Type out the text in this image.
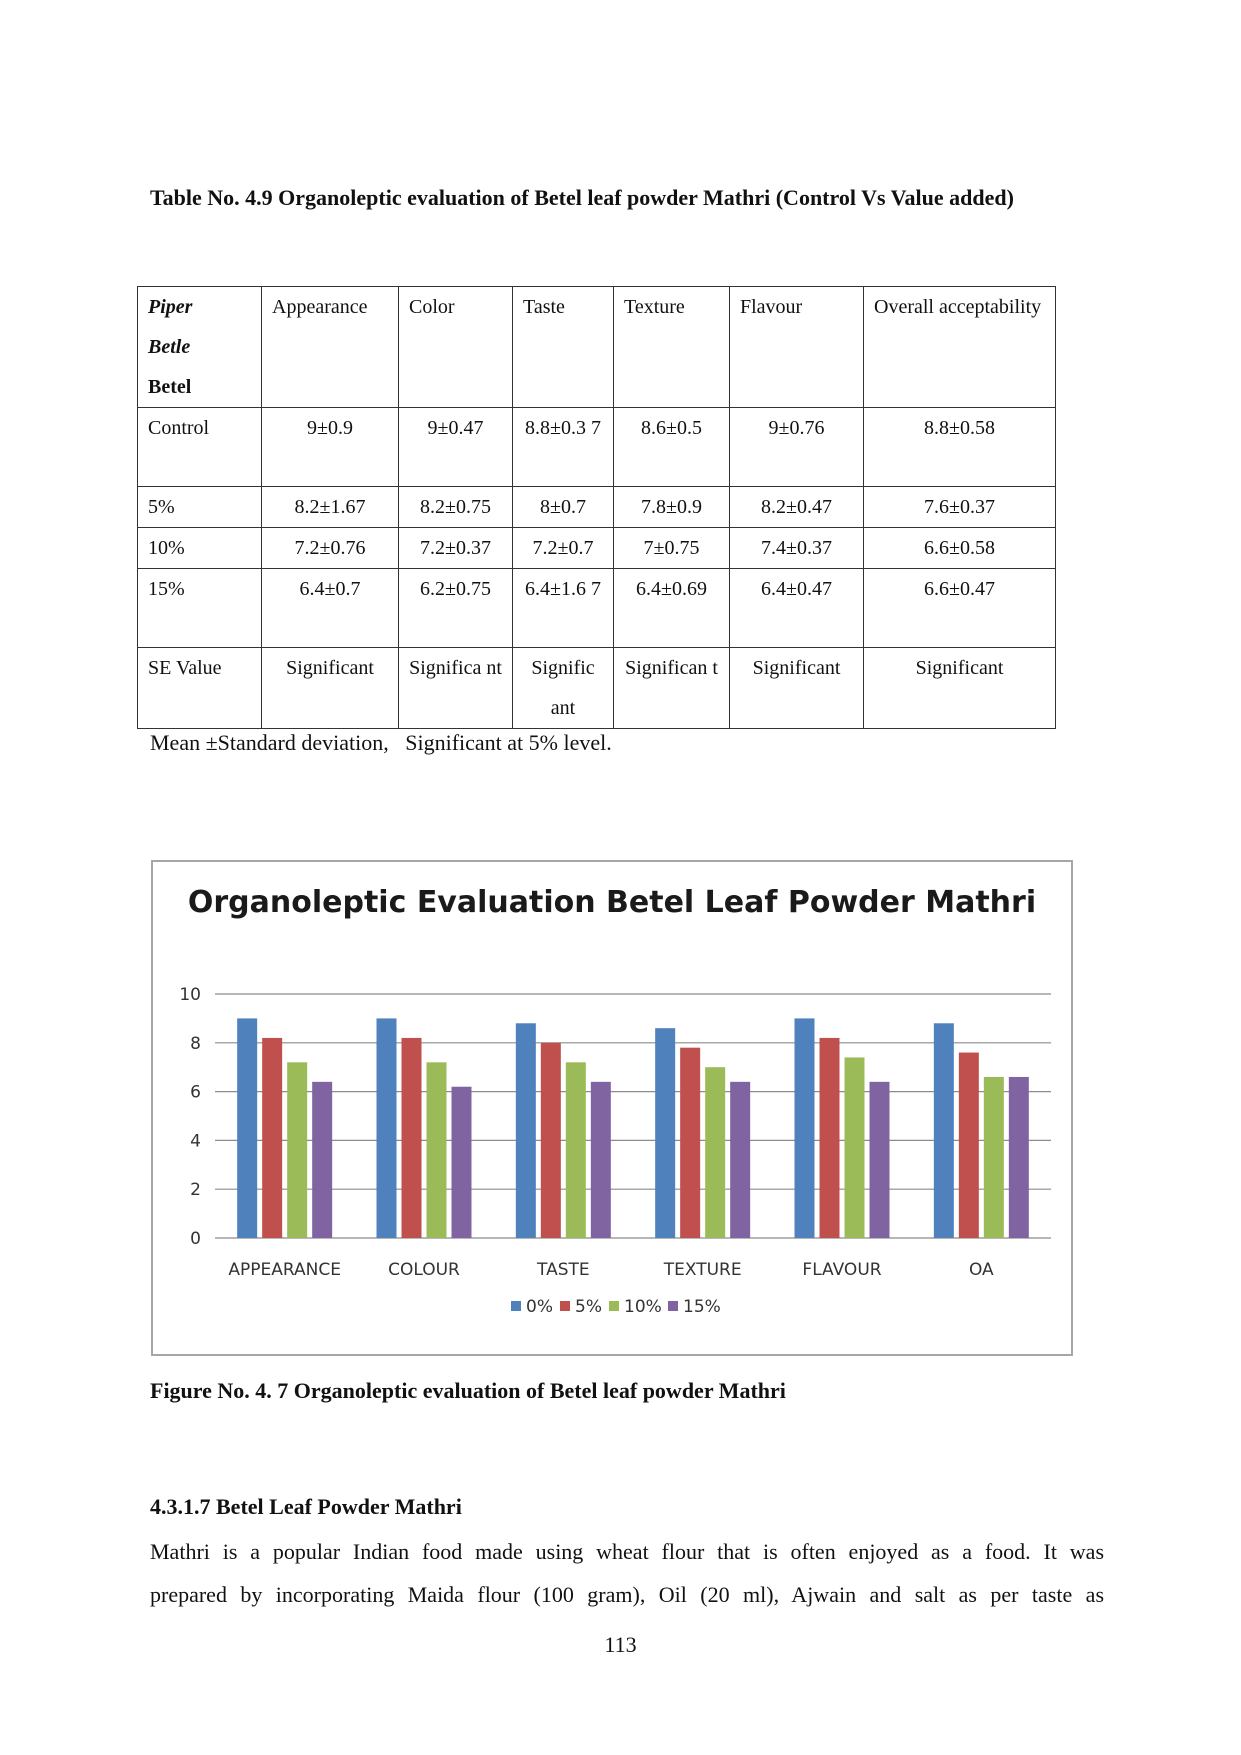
Table No. 4.9 Organoleptic evaluation of Betel leaf powder Mathri (Control Vs Value added)
Piper
Betle
Betel	Appearance	Color	Taste	Texture	Flavour	Overall acceptability
Control	9±0.9	9±0.47	8.8±0.3 7	8.6±0.5	9±0.76	8.8±0.58
5%	8.2±1.67	8.2±0.75	8±0.7	7.8±0.9	8.2±0.47	7.6±0.37
10%	7.2±0.76	7.2±0.37	7.2±0.7	7±0.75	7.4±0.37	6.6±0.58
15%	6.4±0.7	6.2±0.75	6.4±1.6 7	6.4±0.69	6.4±0.47	6.6±0.47
SE Value	Significant	Significa nt	Signific ant	Significan t	Significant	Significant
Mean ±Standard deviation,   Significant at 5% level.
Organoleptic Evaluation Betel Leaf Powder Mathri
0
2
4
6
8
10
APPEARANCE	COLOUR	TASTE	TEXTURE	FLAVOUR	OA
0% 5% 10% 15%
Figure No. 4. 7 Organoleptic evaluation of Betel leaf powder Mathri
4.3.1.7 Betel Leaf Powder Mathri
Mathri is a popular Indian food made using wheat flour that is often enjoyed as a food. It was
prepared by incorporating Maida flour (100 gram), Oil (20 ml), Ajwain and salt as per taste as
113
